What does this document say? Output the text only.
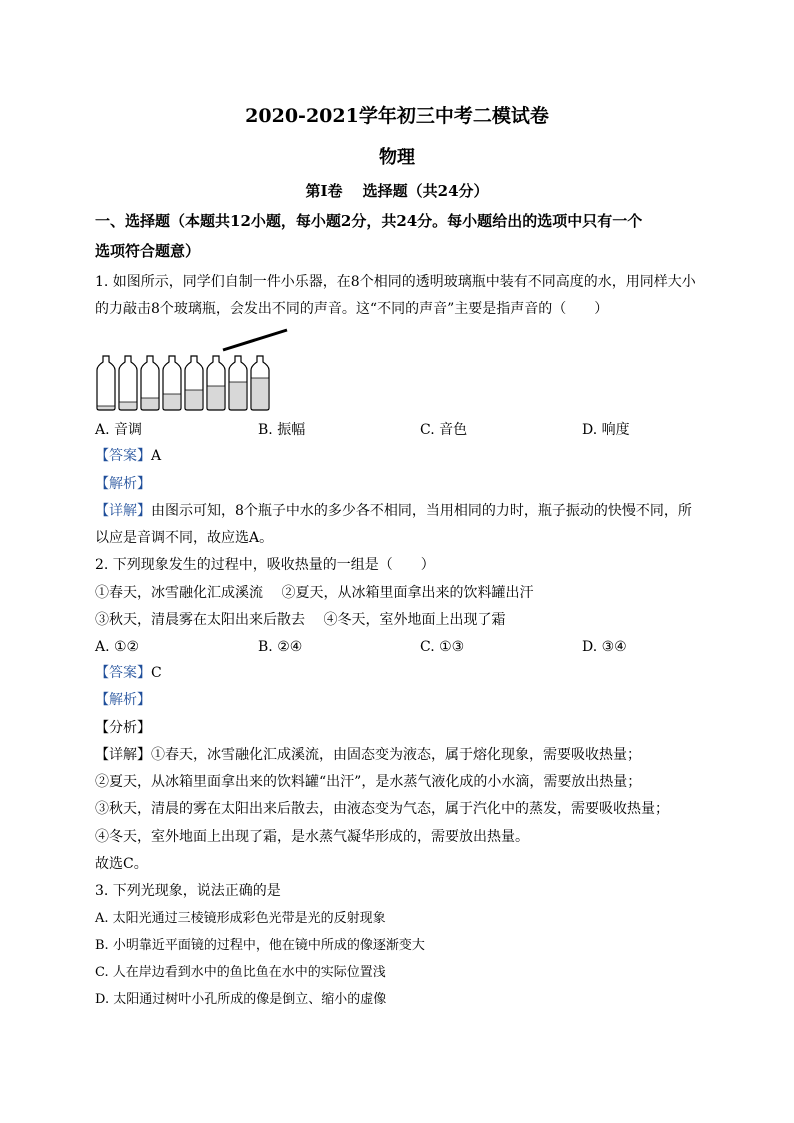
2020-2021学年初三中考二模试卷
物理
第Ⅰ卷　 选择题（共24分）
一、选择题（本题共12小题，每小题2分，共24分。每小题给出的选项中只有一个
选项符合题意）
1. 如图所示，同学们自制一件小乐器，在8个相同的透明玻璃瓶中装有不同高度的水，用同样大小
的力敲击8个玻璃瓶，会发出不同的声音。这“不同的声音”主要是指声音的（　　）
A. 音调	B. 振幅	C. 音色	D. 响度
【答案】A
【解析】
【详解】由图示可知，8个瓶子中水的多少各不相同，当用相同的力时，瓶子振动的快慢不同，所
以应是音调不同，故应选A。
2. 下列现象发生的过程中，吸收热量的一组是（　　）
①春天，冰雪融化汇成溪流　 ②夏天，从冰箱里面拿出来的饮料罐出汗
③秋天，清晨雾在太阳出来后散去　 ④冬天，室外地面上出现了霜
A. ①②	B. ②④	C. ①③	D. ③④
【答案】C
【解析】
【分析】
【详解】①春天，冰雪融化汇成溪流，由固态变为液态，属于熔化现象，需要吸收热量；
②夏天，从冰箱里面拿出来的饮料罐“出汗”，是水蒸气液化成的小水滴，需要放出热量；
③秋天，清晨的雾在太阳出来后散去，由液态变为气态，属于汽化中的蒸发，需要吸收热量；
④冬天，室外地面上出现了霜，是水蒸气凝华形成的，需要放出热量。
故选C。
3. 下列光现象，说法正确的是
A. 太阳光通过三棱镜形成彩色光带是光的反射现象
B. 小明靠近平面镜的过程中，他在镜中所成的像逐渐变大
C. 人在岸边看到水中的鱼比鱼在水中的实际位置浅
D. 太阳通过树叶小孔所成的像是倒立、缩小的虚像
